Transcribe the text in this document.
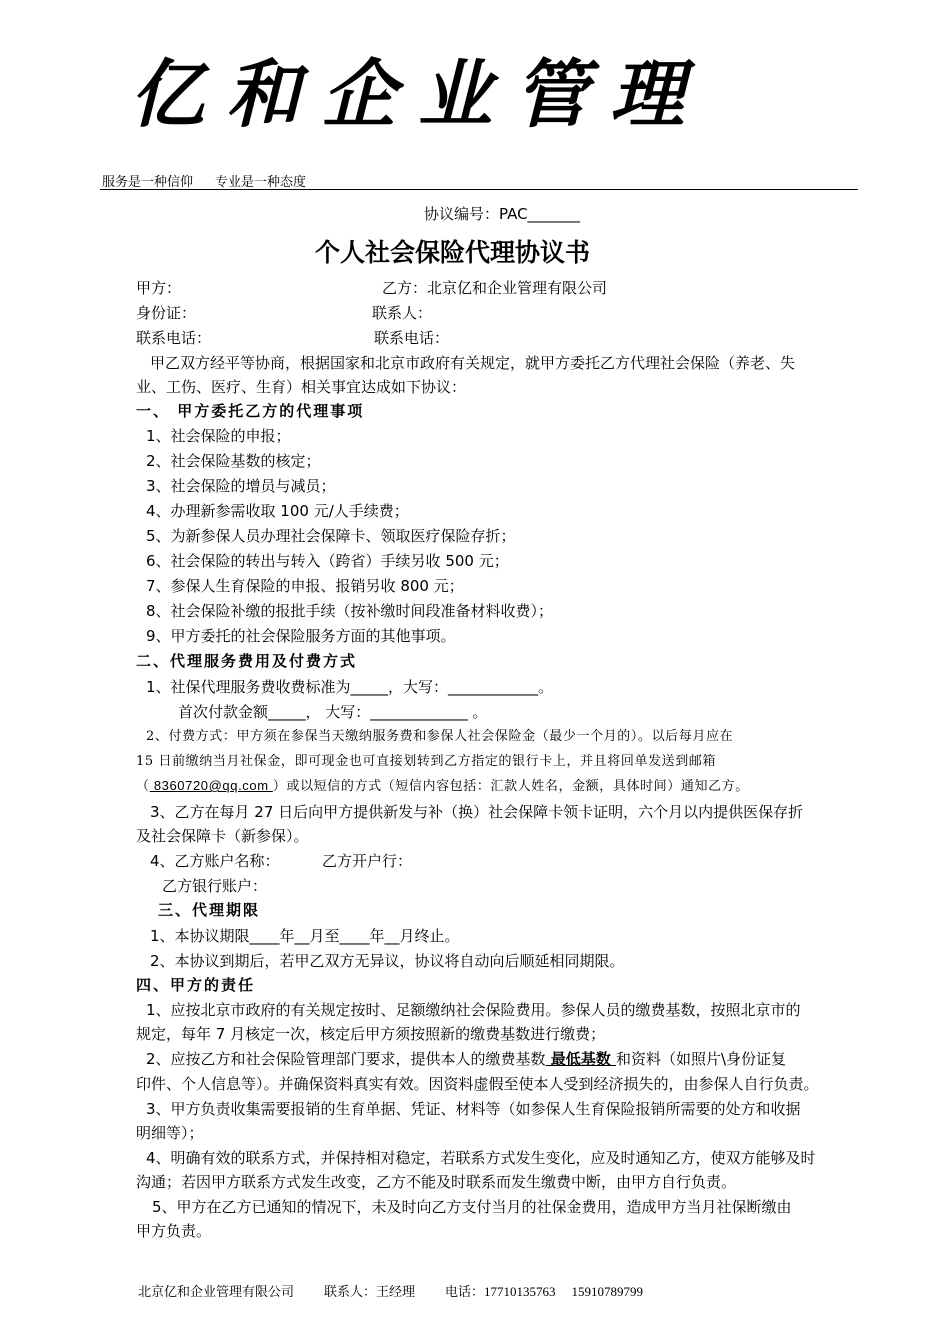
亿和企业管理
服务是一种信仰 专业是一种态度
协议编号：PAC_______
个人社会保险代理协议书
甲方：	乙方：北京亿和企业管理有限公司
身份证：	联系人：
联系电话：	联系电话：
甲乙双方经平等协商，根据国家和北京市政府有关规定，就甲方委托乙方代理社会保险（养老、失
业、工伤、医疗、生育）相关事宜达成如下协议：
一、 甲方委托乙方的代理事项
1、社会保险的申报；
2、社会保险基数的核定；
3、社会保险的增员与减员；
4、办理新参需收取 100 元/人手续费；
5、为新参保人员办理社会保障卡、领取医疗保险存折；
6、社会保险的转出与转入（跨省）手续另收 500 元；
7、参保人生育保险的申报、报销另收 800 元；
8、社会保险补缴的报批手续（按补缴时间段准备材料收费）；
9、甲方委托的社会保险服务方面的其他事项。
二、代理服务费用及付费方式
1、社保代理服务费收费标准为_____，大写：____________。
首次付款金额_____， 大写：_____________ 。
2、付费方式：甲方须在参保当天缴纳服务费和参保人社会保险金（最少一个月的）。以后每月应在
15 日前缴纳当月社保金，即可现金也可直接划转到乙方指定的银行卡上，并且将回单发送到邮箱
（ 8360720@qq.com ）或以短信的方式（短信内容包括：汇款人姓名，金额，具体时间）通知乙方。
3、乙方在每月 27 日后向甲方提供新发与补（换）社会保障卡领卡证明，六个月以内提供医保存折
及社会保障卡（新参保）。
4、乙方账户名称：	乙方开户行：
乙方银行账户：
三、代理期限
1、本协议期限____年__月至____年__月终止。
2、本协议到期后，若甲乙双方无异议，协议将自动向后顺延相同期限。
四、甲方的责任
1、应按北京市政府的有关规定按时、足额缴纳社会保险费用。参保人员的缴费基数，按照北京市的
规定，每年 7 月核定一次，核定后甲方须按照新的缴费基数进行缴费；
2、应按乙方和社会保险管理部门要求，提供本人的缴费基数 最低基数 和资料（如照片\身份证复
印件、个人信息等）。并确保资料真实有效。因资料虚假至使本人受到经济损失的，由参保人自行负责。
3、甲方负责收集需要报销的生育单据、凭证、材料等（如参保人生育保险报销所需要的处方和收据
明细等）；
4、明确有效的联系方式，并保持相对稳定，若联系方式发生变化，应及时通知乙方，使双方能够及时
沟通；若因甲方联系方式发生改变，乙方不能及时联系而发生缴费中断，由甲方自行负责。
5、甲方在乙方已通知的情况下，未及时向乙方支付当月的社保金费用，造成甲方当月社保断缴由
甲方负责。
北京亿和企业管理有限公司 联系人：王经理 电话：17710135763 15910789799
